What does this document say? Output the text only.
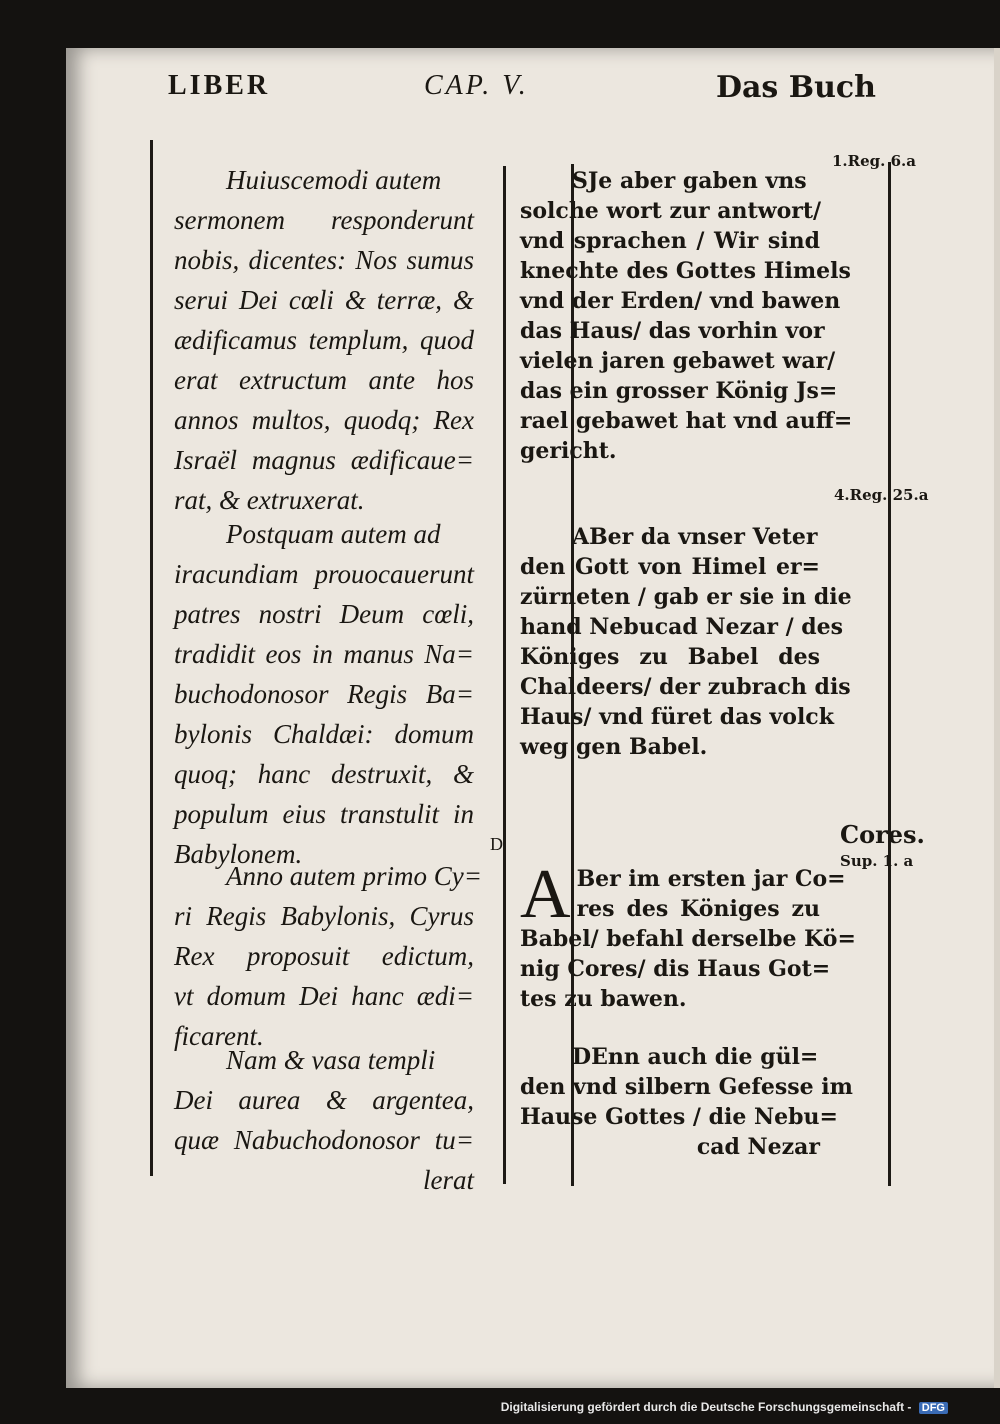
LIBER	CAP. V.	Das Buch
Huiuscemodi autem
sermonem responderunt
nobis, dicentes: Nos sumus
serui Dei cœli & terræ, &
ædificamus templum, quod
erat extructum ante hos
annos multos, quodq; Rex
Israël magnus ædificaue=
rat, & extruxerat.
Postquam autem ad
iracundiam prouocauerunt
patres nostri Deum cœli,
tradidit eos in manus Na=
buchodonosor Regis Ba=
bylonis Chaldæi: domum
quoq; hanc destruxit, &
populum eius transtulit in
Babylonem.
Anno autem primo Cy=
ri Regis Babylonis, Cyrus
Rex proposuit edictum,
vt domum Dei hanc ædi=
ficarent.
Nam & vasa templi
Dei aurea & argentea,
quæ Nabuchodonosor tu=
lerat
D
SJe aber gaben vns
solche wort zur antwort/
vnd sprachen / Wir sind
knechte des Gottes Himels
vnd der Erden/ vnd bawen
das Haus/ das vorhin vor
vielen jaren gebawet war/
das ein grosser König Js=
rael gebawet hat vnd auff=
gericht.
ABer da vnser Veter
den Gott von Himel er=
zürneten / gab er sie in die
hand Nebucad Nezar / des
Königes zu Babel des
Chaldeers/ der zubrach dis
Haus/ vnd füret das volck
weg gen Babel.
A Ber im ersten jar Co=
res des Königes zu
Babel/ befahl derselbe Kö=
nig Cores/ dis Haus Got=
tes zu bawen.
DEnn auch die gül=
den vnd silbern Gefesse im
Hause Gottes / die Nebu=
cad Nezar
1.Reg. 6.a
4.Reg. 25.a
Cores.
Sup. 1. a
Digitalisierung gefördert durch die Deutsche Forschungsgemeinschaft - DFG
